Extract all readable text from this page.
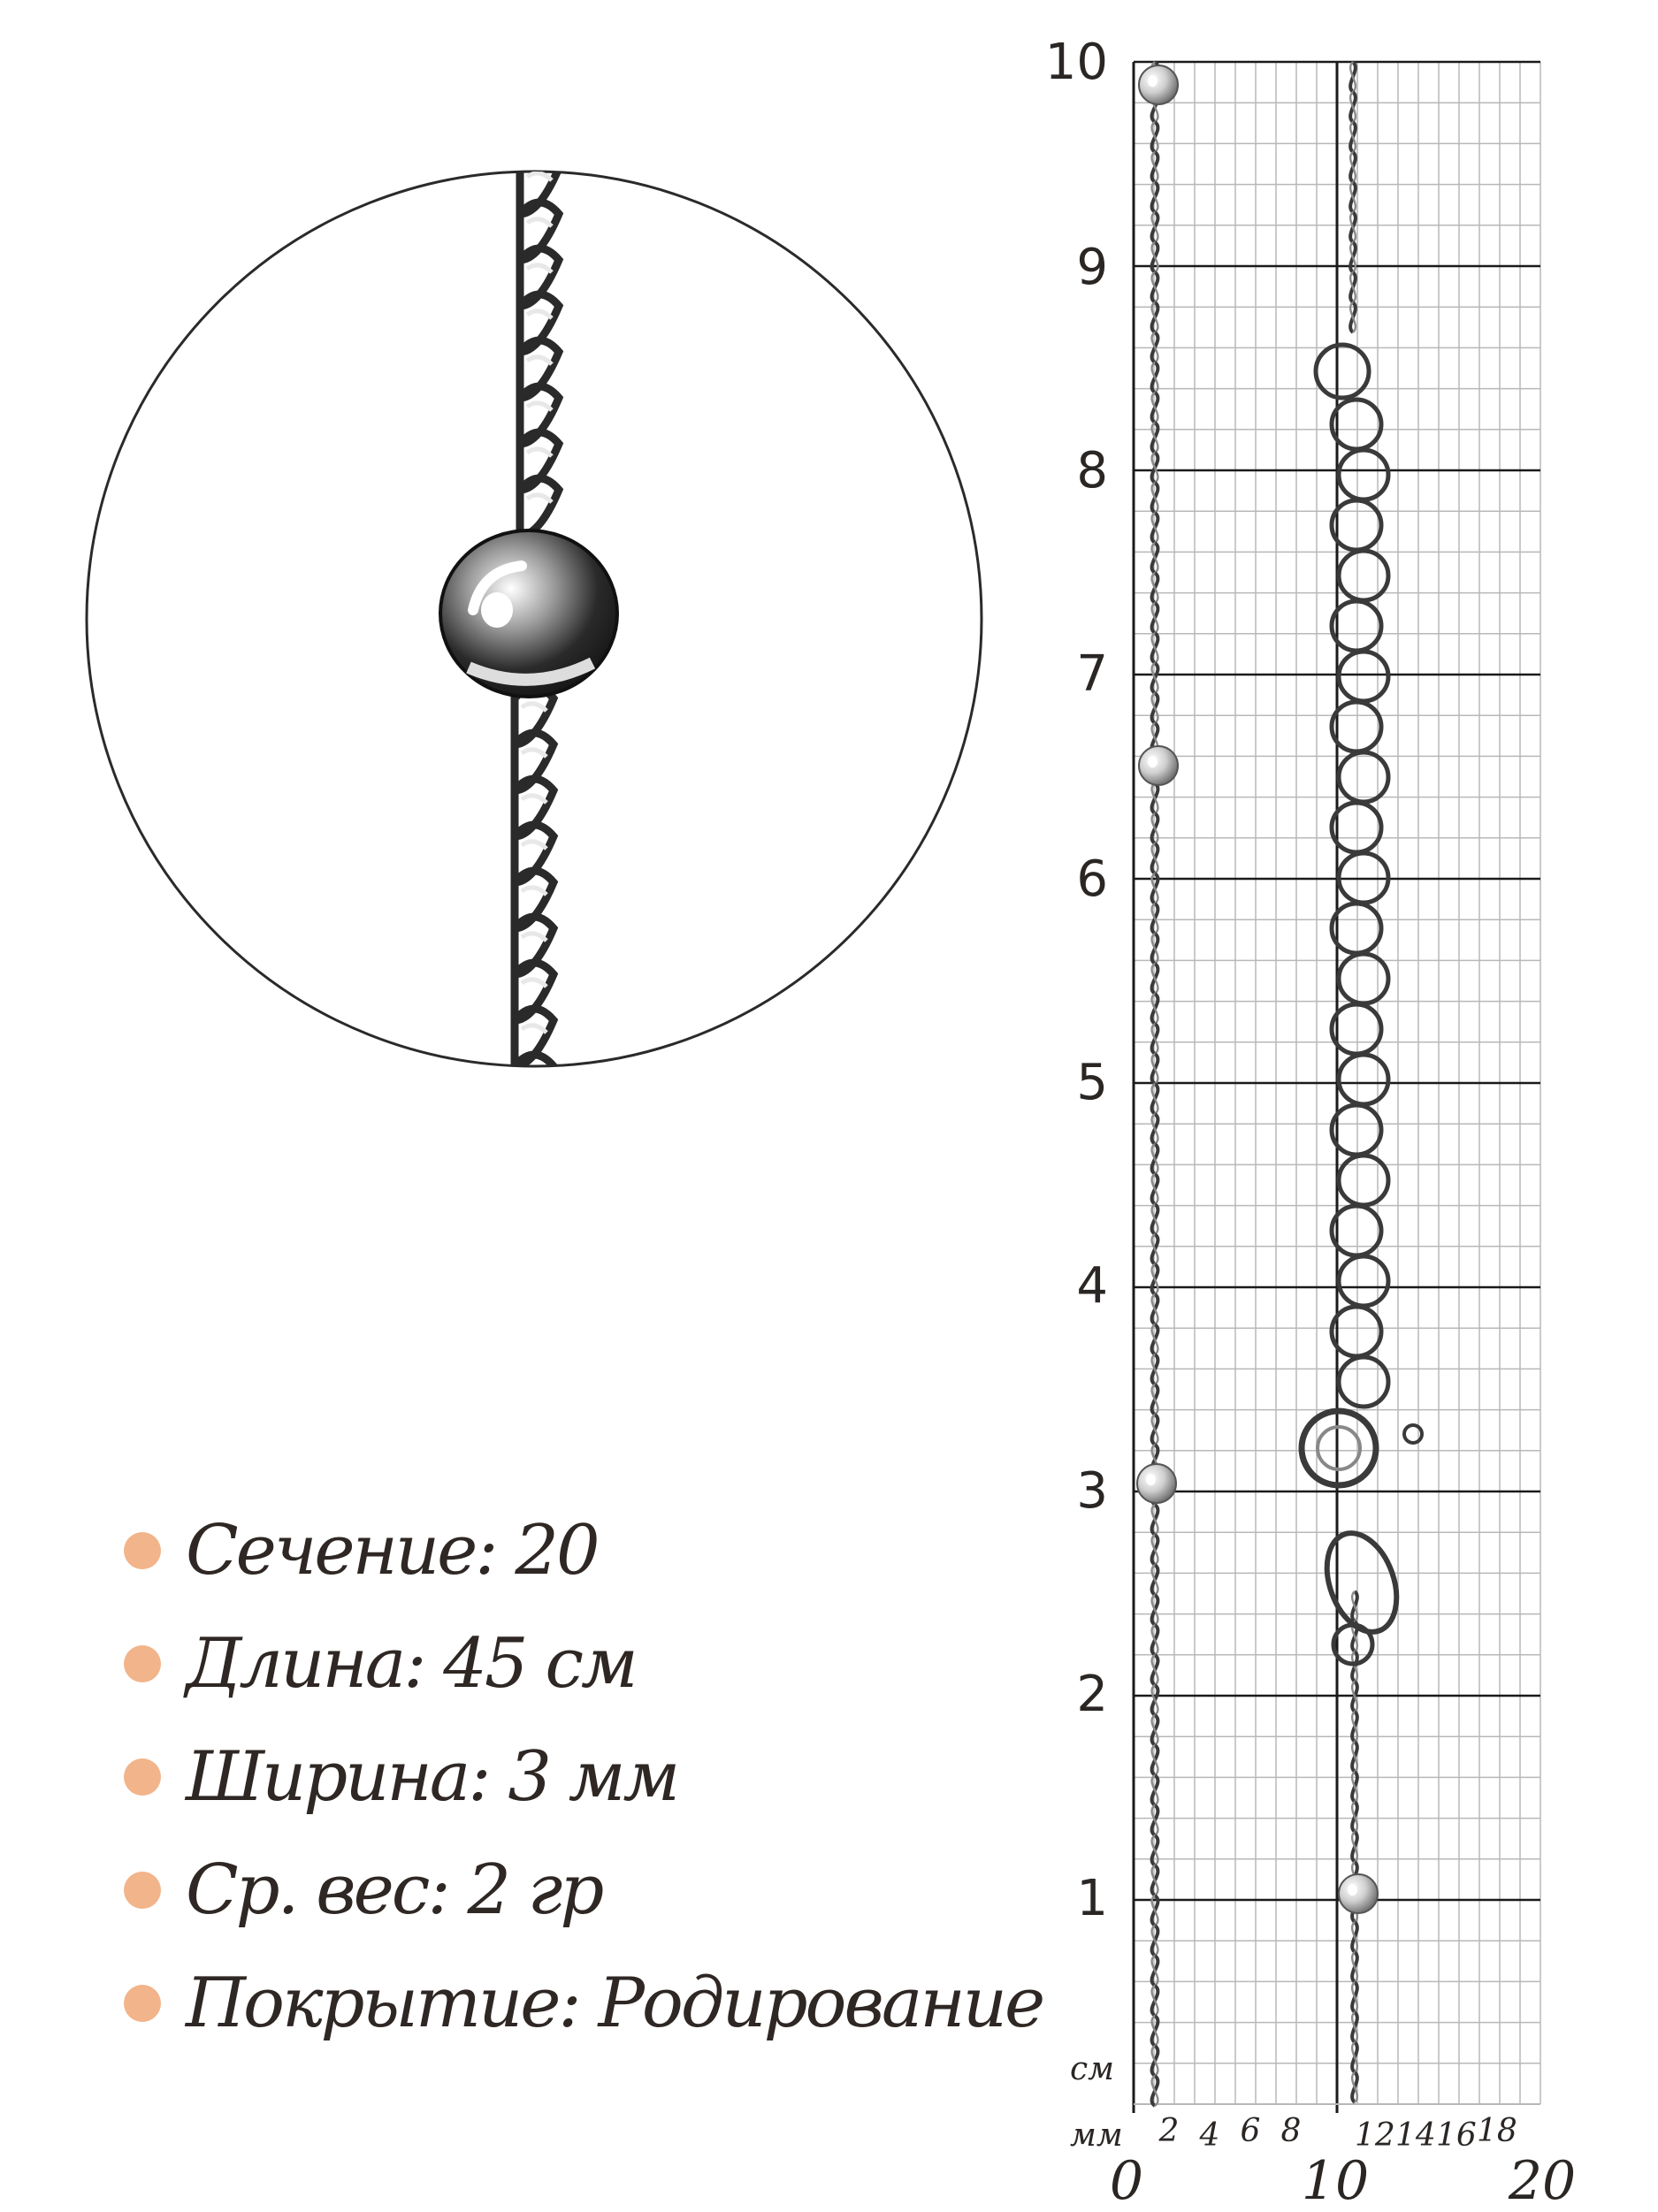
Сечение: 20
Длина: 45 см
Ширина: 3 мм
Ср. вес: 2 гр
Покрытие: Родирование
10
9
8
7
6
5
4
3
2
1
см
мм 2 4 6 8 12 14 16 18
0	10	20
